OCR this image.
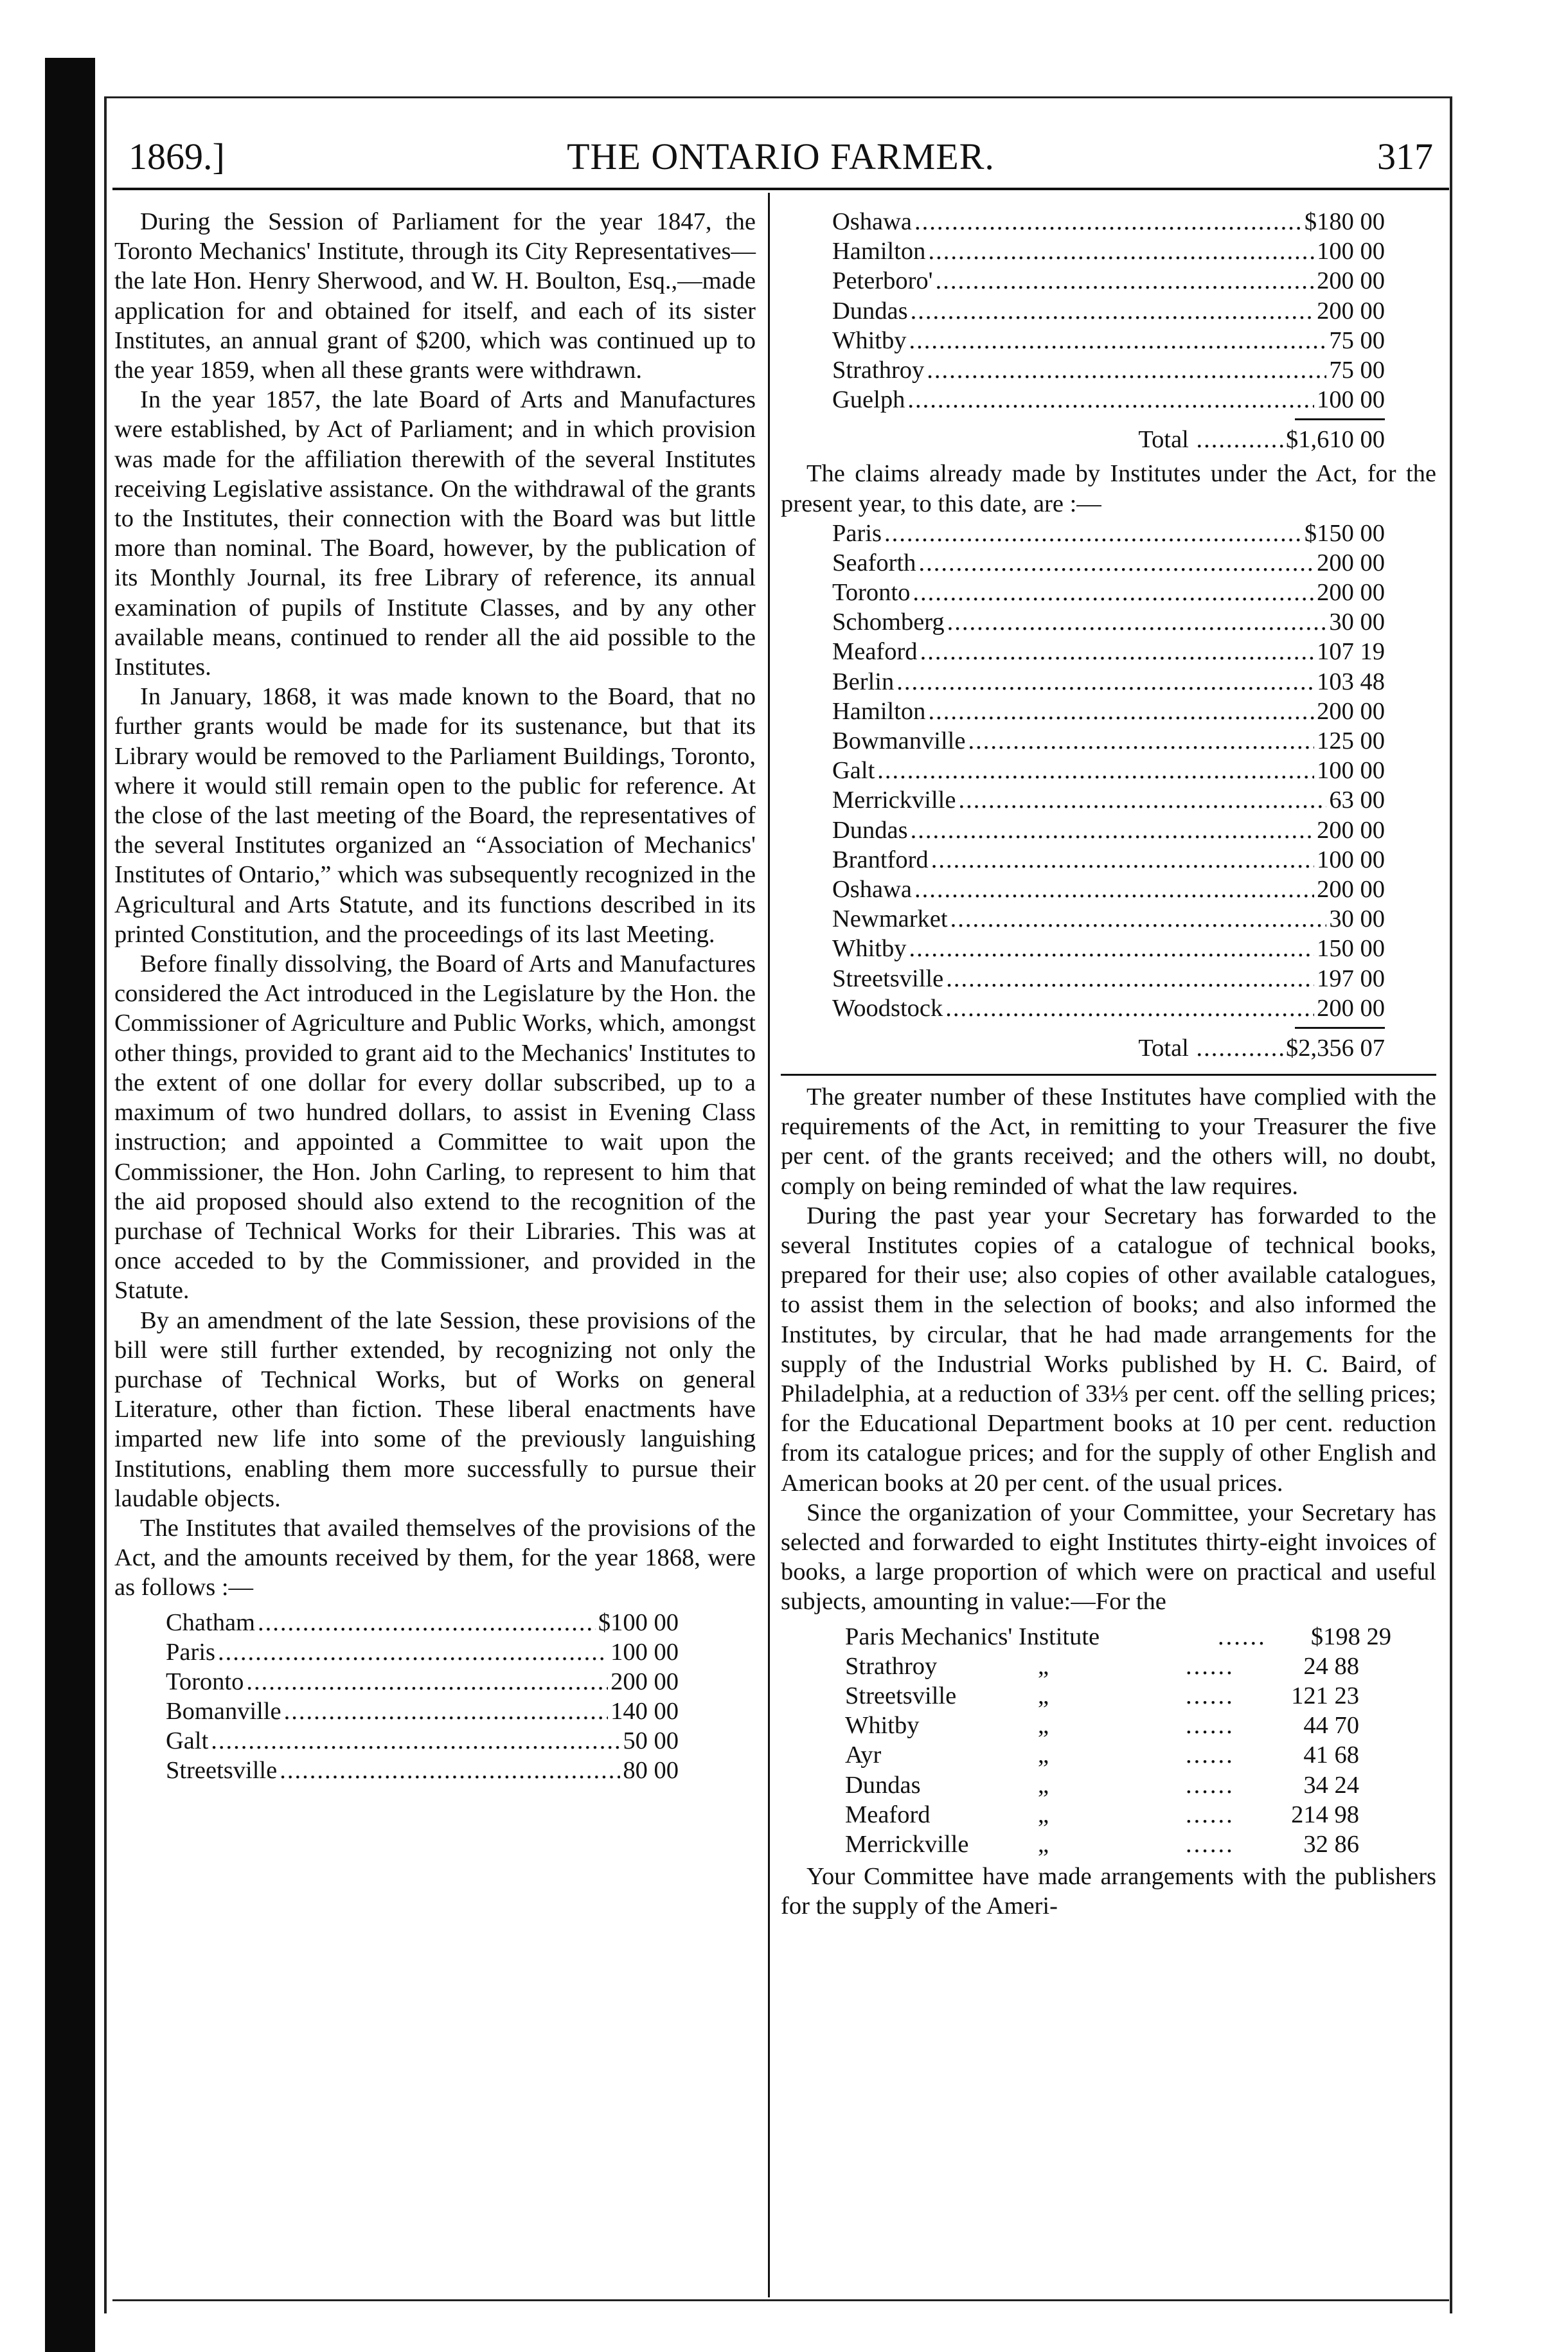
1869.]	THE ONTARIO FARMER.	317

During the Session of Parliament for the year 1847, the Toronto Mechanics' Institute, through its City Representatives—the late Hon. Henry Sherwood, and W. H. Boulton, Esq.,—made application for and obtained for itself, and each of its sister Institutes, an annual grant of $200, which was continued up to the year 1859, when all these grants were withdrawn.

In the year 1857, the late Board of Arts and Manufactures were established, by Act of Parliament; and in which provision was made for the affiliation therewith of the several Institutes receiving Legislative assistance. On the withdrawal of the grants to the Institutes, their connection with the Board was but little more than nominal. The Board, however, by the publication of its Monthly Journal, its free Library of reference, its annual examination of pupils of Institute Classes, and by any other available means, continued to render all the aid possible to the Institutes.

In January, 1868, it was made known to the Board, that no further grants would be made for its sustenance, but that its Library would be removed to the Parliament Buildings, Toronto, where it would still remain open to the public for reference. At the close of the last meeting of the Board, the representatives of the several Institutes organized an “Association of Mechanics' Institutes of Ontario,” which was subsequently recognized in the Agricultural and Arts Statute, and its functions described in its printed Constitution, and the proceedings of its last Meeting.

Before finally dissolving, the Board of Arts and Manufactures considered the Act introduced in the Legislature by the Hon. the Commissioner of Agriculture and Public Works, which, amongst other things, provided to grant aid to the Mechanics' Institutes to the extent of one dollar for every dollar subscribed, up to a maximum of two hundred dollars, to assist in Evening Class instruction; and appointed a Committee to wait upon the Commissioner, the Hon. John Carling, to represent to him that the aid proposed should also extend to the recognition of the purchase of Technical Works for their Libraries. This was at once acceded to by the Commissioner, and provided in the Statute.

By an amendment of the late Session, these provisions of the bill were still further extended, by recognizing not only the purchase of Technical Works, but of Works on general Literature, other than fiction. These liberal enactments have imparted new life into some of the previously languishing Institutions, enabling them more successfully to pursue their laudable objects.

The Institutes that availed themselves of the provisions of the Act, and the amounts received by them, for the year 1868, were as follows :—

Chatham .....	$100 00
Paris .....	100 00
Toronto .....	200 00
Bomanville .....	140 00
Galt .....	50 00
Streetsville .....	80 00
Oshawa .....	$180 00
Hamilton .....	100 00
Peterboro' .....	200 00
Dundas .....	200 00
Whitby .....	75 00
Strathroy .....	75 00
Guelph .....	100 00
Total ............$1,610 00

The claims already made by Institutes under the Act, for the present year, to this date, are :—

Paris .....	$150 00
Seaforth .....	200 00
Toronto .....	200 00
Schomberg .....	30 00
Meaford .....	107 19
Berlin .....	103 48
Hamilton .....	200 00
Bowmanville .....	125 00
Galt .....	100 00
Merrickville .....	63 00
Dundas .....	200 00
Brantford .....	100 00
Oshawa .....	200 00
Newmarket .....	30 00
Whitby .....	150 00
Streetsville .....	197 00
Woodstock .....	200 00
Total ............$2,356 07

The greater number of these Institutes have complied with the requirements of the Act, in remitting to your Treasurer the five per cent. of the grants received; and the others will, no doubt, comply on being reminded of what the law requires.

During the past year your Secretary has forwarded to the several Institutes copies of a catalogue of technical books, prepared for their use; also copies of other available catalogues, to assist them in the selection of books; and also informed the Institutes, by circular, that he had made arrangements for the supply of the Industrial Works published by H. C. Baird, of Philadelphia, at a reduction of 33⅓ per cent. off the selling prices; for the Educational Department books at 10 per cent. reduction from its catalogue prices; and for the supply of other English and American books at 20 per cent. of the usual prices.

Since the organization of your Committee, your Secretary has selected and forwarded to eight Institutes thirty-eight invoices of books, a large proportion of which were on practical and useful subjects, amounting in value:—For the

Paris Mechanics' Institute	......	$198 29
Strathroy	„	......	24 88
Streetsville	„	......	121 23
Whitby	„	......	44 70
Ayr	„	......	41 68
Dundas	„	......	34 24
Meaford	„	......	214 98
Merrickville	„	......	32 86

Your Committee have made arrangements with the publishers for the supply of the Ameri-
